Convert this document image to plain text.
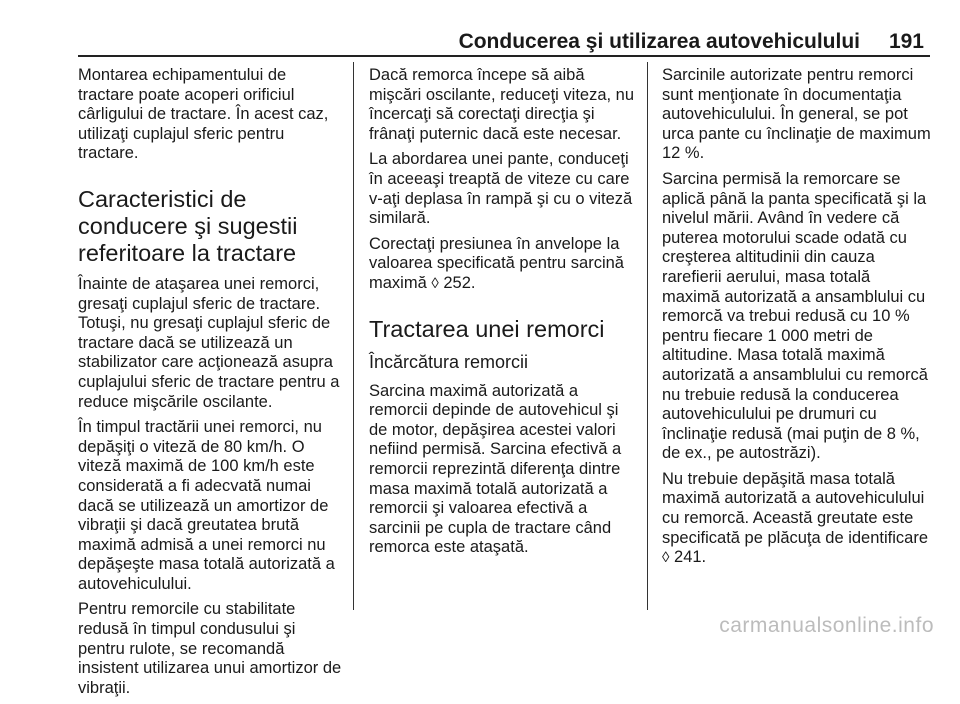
Conducerea şi utilizarea autovehiculului 191

Montarea echipamentului de tractare poate acoperi orificiul cârligului de tractare. În acest caz, utilizaţi cuplajul sferic pentru tractare.

Caracteristici de conducere şi sugestii referitoare la tractare

Înainte de ataşarea unei remorci, gresaţi cuplajul sferic de tractare. Totuşi, nu gresaţi cuplajul sferic de tractare dacă se utilizează un stabilizator care acţionează asupra cuplajului sferic de tractare pentru a reduce mişcările oscilante.

În timpul tractării unei remorci, nu depăşiţi o viteză de 80 km/h. O viteză maximă de 100 km/h este considerată a fi adecvată numai dacă se utilizează un amortizor de vibraţii şi dacă greutatea brută maximă admisă a unei remorci nu depăşeşte masa totală autorizată a autovehiculului.

Pentru remorcile cu stabilitate redusă în timpul condusului şi pentru rulote, se recomandă insistent utilizarea unui amortizor de vibraţii.

Dacă remorca începe să aibă mişcări oscilante, reduceţi viteza, nu încercaţi să corectaţi direcţia şi frânaţi puternic dacă este necesar.

La abordarea unei pante, conduceţi în aceeaşi treaptă de viteze cu care v-aţi deplasa în rampă şi cu o viteză similară.

Corectaţi presiunea în anvelope la valoarea specificată pentru sarcină maximă ◊ 252.

Tractarea unei remorci
Încărcătura remorcii

Sarcina maximă autorizată a remorcii depinde de autovehicul şi de motor, depăşirea acestei valori nefiind permisă. Sarcina efectivă a remorcii reprezintă diferenţa dintre masa maximă totală autorizată a remorcii şi valoarea efectivă a sarcinii pe cupla de tractare când remorca este ataşată.

Sarcinile autorizate pentru remorci sunt menţionate în documentaţia autovehiculului. În general, se pot urca pante cu înclinaţie de maximum 12 %.

Sarcina permisă la remorcare se aplică până la panta specificată şi la nivelul mării. Având în vedere că puterea motorului scade odată cu creşterea altitudinii din cauza rarefierii aerului, masa totală maximă autorizată a ansamblului cu remorcă va trebui redusă cu 10 % pentru fiecare 1 000 metri de altitudine. Masa totală maximă autorizată a ansamblului cu remorcă nu trebuie redusă la conducerea autovehiculului pe drumuri cu înclinaţie redusă (mai puţin de 8 %, de ex., pe autostrăzi).

Nu trebuie depăşită masa totală maximă autorizată a autovehiculului cu remorcă. Această greutate este specificată pe plăcuţa de identificare ◊ 241.

carmanualsonline.info
